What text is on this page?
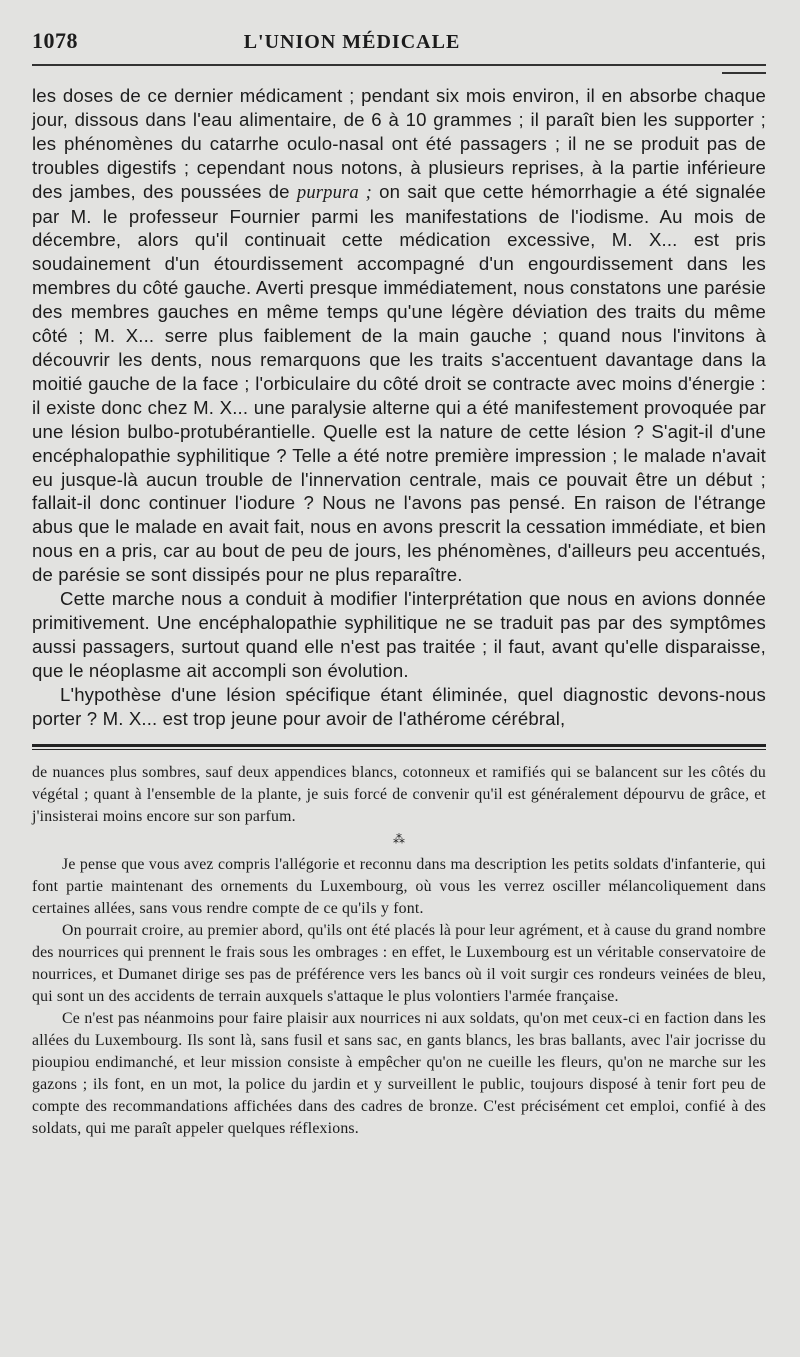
1078	L'UNION MÉDICALE

les doses de ce dernier médicament ; pendant six mois environ, il en absorbe chaque jour, dissous dans l'eau alimentaire, de 6 à 10 grammes ; il paraît bien les supporter ; les phénomènes du catarrhe oculo-nasal ont été passagers ; il ne se produit pas de troubles digestifs ; cependant nous notons, à plusieurs reprises, à la partie inférieure des jambes, des poussées de purpura ; on sait que cette hémorrhagie a été signalée par M. le professeur Fournier parmi les manifestations de l'iodisme. Au mois de décembre, alors qu'il continuait cette médication excessive, M. X... est pris soudainement d'un étourdissement accompagné d'un engourdissement dans les membres du côté gauche. Averti presque immédiatement, nous constatons une parésie des membres gauches en même temps qu'une légère déviation des traits du même côté ; M. X... serre plus faiblement de la main gauche ; quand nous l'invitons à découvrir les dents, nous remarquons que les traits s'accentuent davantage dans la moitié gauche de la face ; l'orbiculaire du côté droit se contracte avec moins d'énergie : il existe donc chez M. X... une paralysie alterne qui a été manifestement provoquée par une lésion bulbo-protubérantielle. Quelle est la nature de cette lésion ? S'agit-il d'une encéphalopathie syphilitique ? Telle a été notre première impression ; le malade n'avait eu jusque-là aucun trouble de l'innervation centrale, mais ce pouvait être un début ; fallait-il donc continuer l'iodure ? Nous ne l'avons pas pensé. En raison de l'étrange abus que le malade en avait fait, nous en avons prescrit la cessation immédiate, et bien nous en a pris, car au bout de peu de jours, les phénomènes, d'ailleurs peu accentués, de parésie se sont dissipés pour ne plus reparaître.

Cette marche nous a conduit à modifier l'interprétation que nous en avions donnée primitivement. Une encéphalopathie syphilitique ne se traduit pas par des symptômes aussi passagers, surtout quand elle n'est pas traitée ; il faut, avant qu'elle disparaisse, que le néoplasme ait accompli son évolution.

L'hypothèse d'une lésion spécifique étant éliminée, quel diagnostic devons-nous porter ? M. X... est trop jeune pour avoir de l'athérome cérébral,

de nuances plus sombres, sauf deux appendices blancs, cotonneux et ramifiés qui se balancent sur les côtés du végétal ; quant à l'ensemble de la plante, je suis forcé de convenir qu'il est généralement dépourvu de grâce, et j'insisterai moins encore sur son parfum.

⁂

Je pense que vous avez compris l'allégorie et reconnu dans ma description les petits soldats d'infanterie, qui font partie maintenant des ornements du Luxembourg, où vous les verrez osciller mélancoliquement dans certaines allées, sans vous rendre compte de ce qu'ils y font.

On pourrait croire, au premier abord, qu'ils ont été placés là pour leur agrément, et à cause du grand nombre des nourrices qui prennent le frais sous les ombrages : en effet, le Luxembourg est un véritable conservatoire de nourrices, et Dumanet dirige ses pas de préférence vers les bancs où il voit surgir ces rondeurs veinées de bleu, qui sont un des accidents de terrain auxquels s'attaque le plus volontiers l'armée française.

Ce n'est pas néanmoins pour faire plaisir aux nourrices ni aux soldats, qu'on met ceux-ci en faction dans les allées du Luxembourg. Ils sont là, sans fusil et sans sac, en gants blancs, les bras ballants, avec l'air jocrisse du pioupiou endimanché, et leur mission consiste à empêcher qu'on ne cueille les fleurs, qu'on ne marche sur les gazons ; ils font, en un mot, la police du jardin et y surveillent le public, toujours disposé à tenir fort peu de compte des recommandations affichées dans des cadres de bronze. C'est précisément cet emploi, confié à des soldats, qui me paraît appeler quelques réflexions.
